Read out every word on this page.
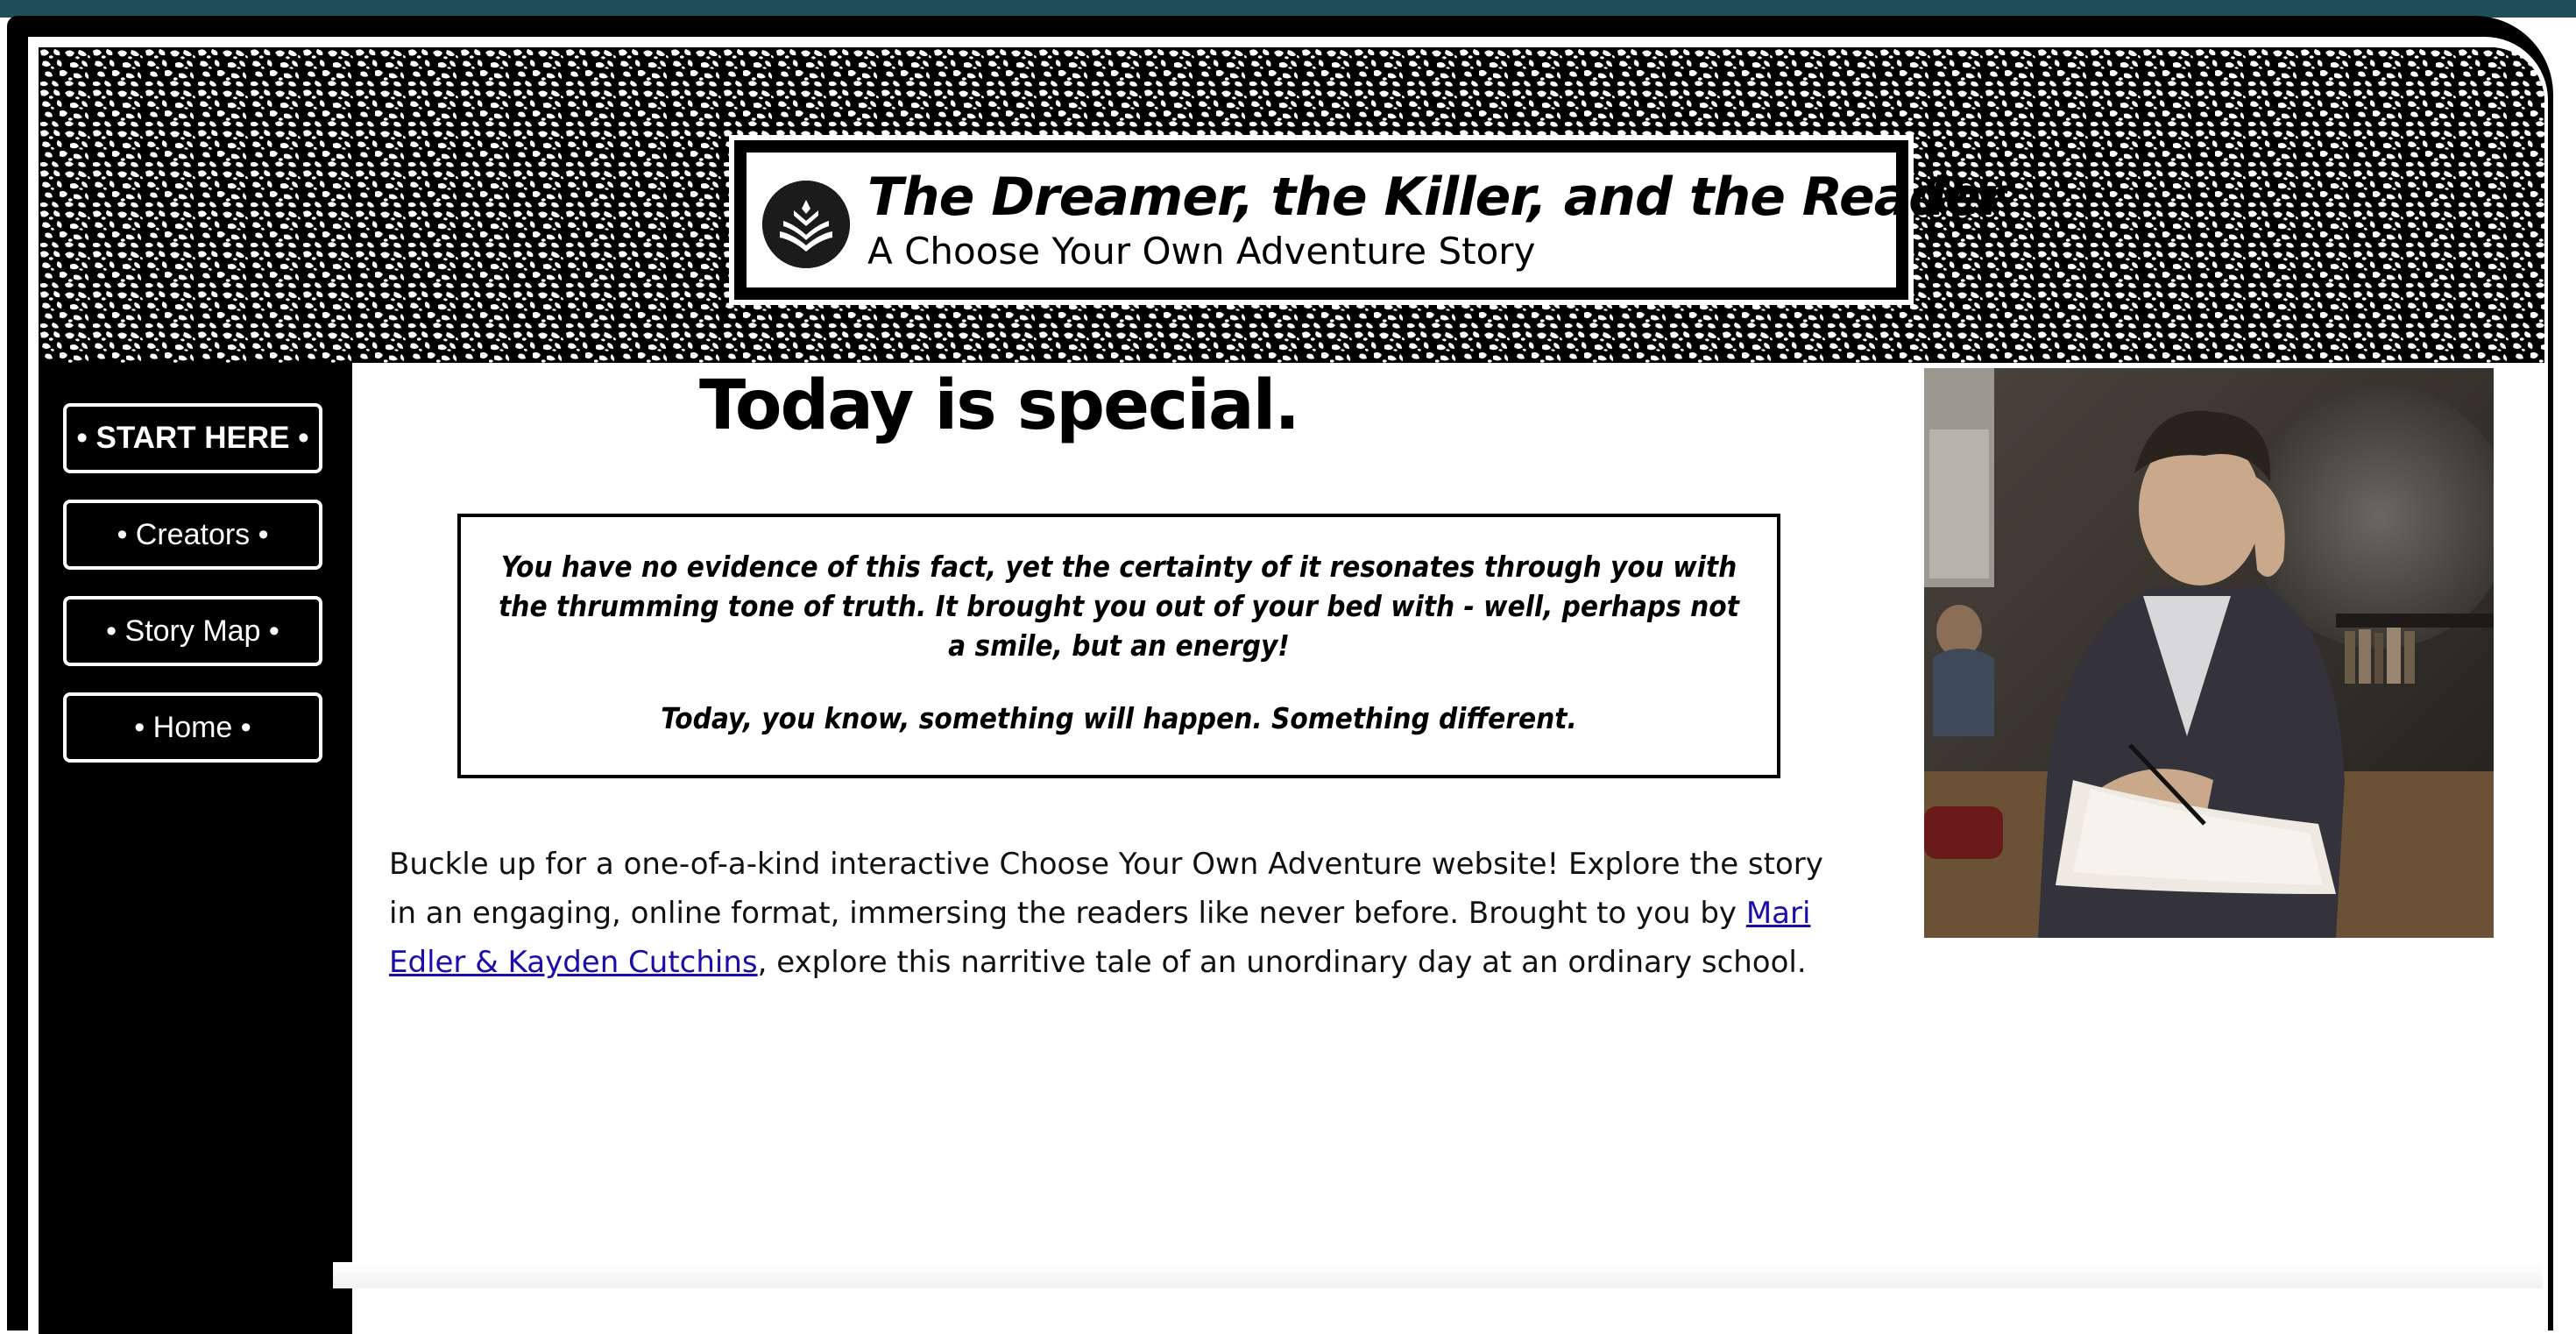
The Dreamer, the Killer, and the Reader
A Choose Your Own Adventure Story
• START HERE •
• Creators •
• Story Map •
• Home •
Today is special.

You have no evidence of this fact, yet the certainty of it resonates through you with the thrumming tone of truth. It brought you out of your bed with - well, perhaps not a smile, but an energy!

Today, you know, something will happen. Something different.

Buckle up for a one-of-a-kind interactive Choose Your Own Adventure website! Explore the story in an engaging, online format, immersing the readers like never before. Brought to you by Mari Edler & Kayden Cutchins, explore this narritive tale of an unordinary day at an ordinary school.
